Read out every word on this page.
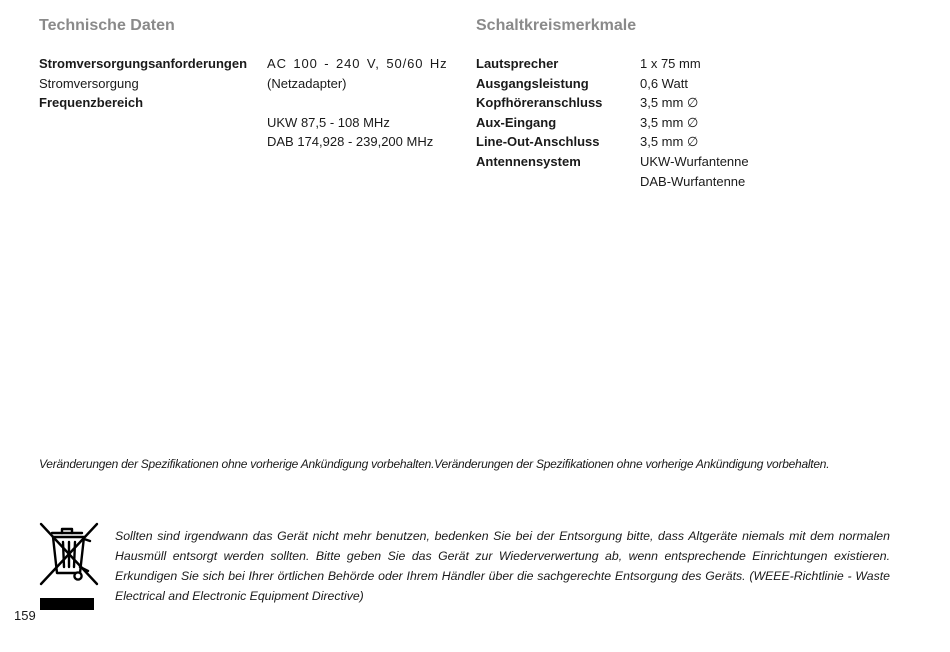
Technische Daten	Schaltkreismerkmale
Stromversorgungsanforderungen AC 100 - 240 V, 50/60 Hz
Stromversorgung	(Netzadapter)
Frequenzbereich
UKW 87,5 - 108 MHz
DAB 174,928 - 239,200 MHz
Lautsprecher	1 x 75 mm
Ausgangsleistung	0,6 Watt
Kopfhöreranschluss	3,5 mm ∅
Aux-Eingang	3,5 mm ∅
Line-Out-Anschluss	3,5 mm ∅
Antennensystem	UKW-Wurfantenne
DAB-Wurfantenne
Veränderungen der Spezifikationen ohne vorherige Ankündigung vorbehalten.Veränderungen der Spezifikationen ohne vorherige Ankündigung vorbehalten.
Sollten sind irgendwann das Gerät nicht mehr benutzen, bedenken Sie bei der Entsorgung bitte, dass Altgeräte niemals mit dem normalen Hausmüll entsorgt werden sollten. Bitte geben Sie das Gerät zur Wiederverwertung ab, wenn entsprechende Einrichtungen existieren. Erkundigen Sie sich bei Ihrer örtlichen Behörde oder Ihrem Händler über die sachgerechte Entsorgung des Geräts. (WEEE-Richtlinie - Waste Electrical and Electronic Equipment Directive)
159
